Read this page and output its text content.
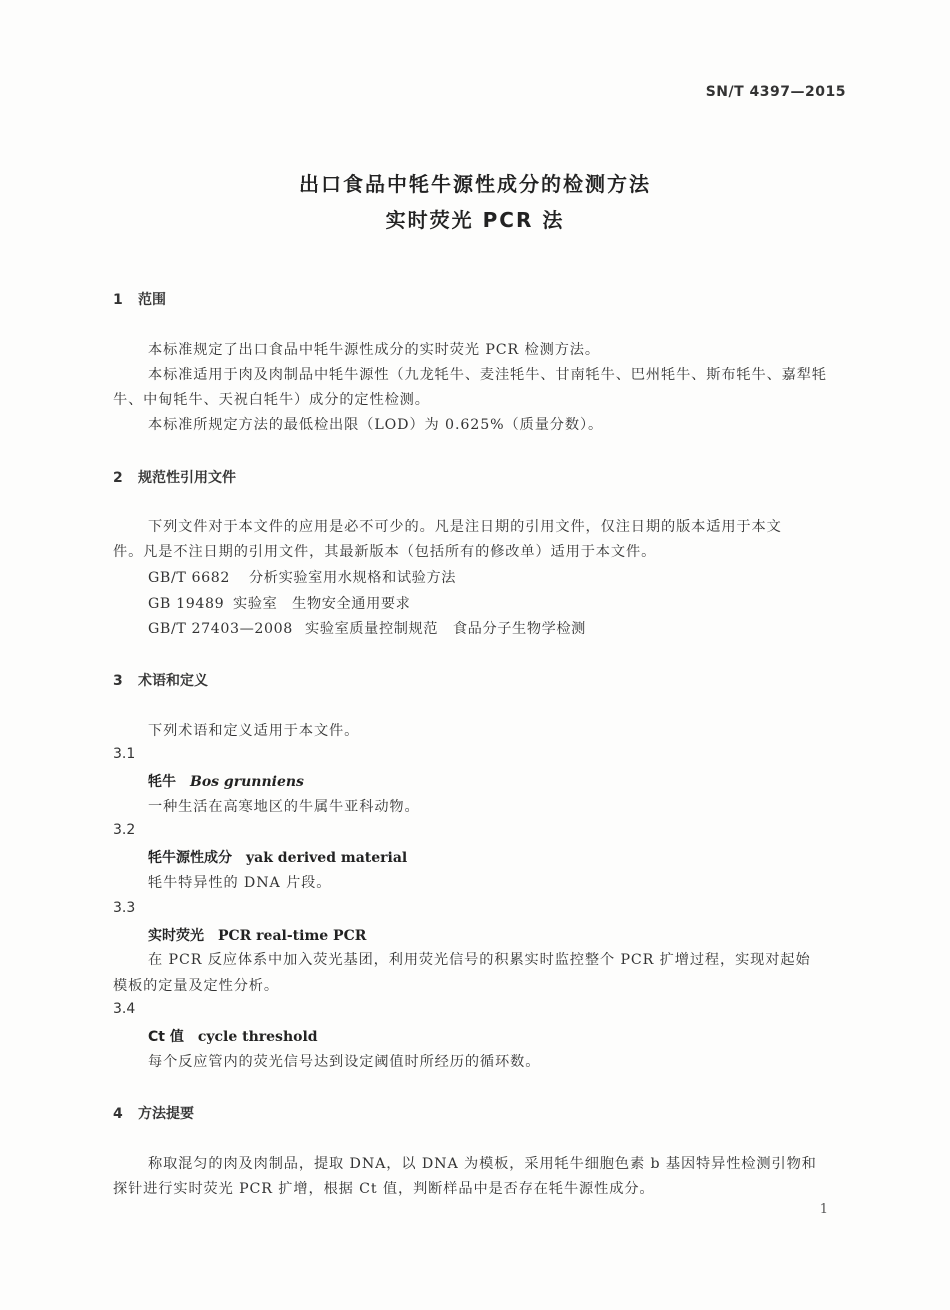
SN/T 4397—2015
出口食品中牦牛源性成分的检测方法
实时荧光 PCR 法
1 范围
本标准规定了出口食品中牦牛源性成分的实时荧光 PCR 检测方法。
本标准适用于肉及肉制品中牦牛源性（九龙牦牛、麦洼牦牛、甘南牦牛、巴州牦牛、斯布牦牛、嘉犁牦
牛、中甸牦牛、天祝白牦牛）成分的定性检测。
本标准所规定方法的最低检出限（LOD）为 0.625%（质量分数）。
2 规范性引用文件
下列文件对于本文件的应用是必不可少的。凡是注日期的引用文件，仅注日期的版本适用于本文
件。凡是不注日期的引用文件，其最新版本（包括所有的修改单）适用于本文件。
GB/T 6682 分析实验室用水规格和试验方法
GB 19489 实验室　生物安全通用要求
GB/T 27403—2008 实验室质量控制规范　食品分子生物学检测
3 术语和定义
下列术语和定义适用于本文件。
3.1
牦牛 Bos grunniens
一种生活在高寒地区的牛属牛亚科动物。
3.2
牦牛源性成分 yak derived material
牦牛特异性的 DNA 片段。
3.3
实时荧光 PCR real-time PCR
在 PCR 反应体系中加入荧光基团，利用荧光信号的积累实时监控整个 PCR 扩增过程，实现对起始
模板的定量及定性分析。
3.4
Ct 值 cycle threshold
每个反应管内的荧光信号达到设定阈值时所经历的循环数。
4 方法提要
称取混匀的肉及肉制品，提取 DNA，以 DNA 为模板，采用牦牛细胞色素 b 基因特异性检测引物和
探针进行实时荧光 PCR 扩增，根据 Ct 值，判断样品中是否存在牦牛源性成分。
1
